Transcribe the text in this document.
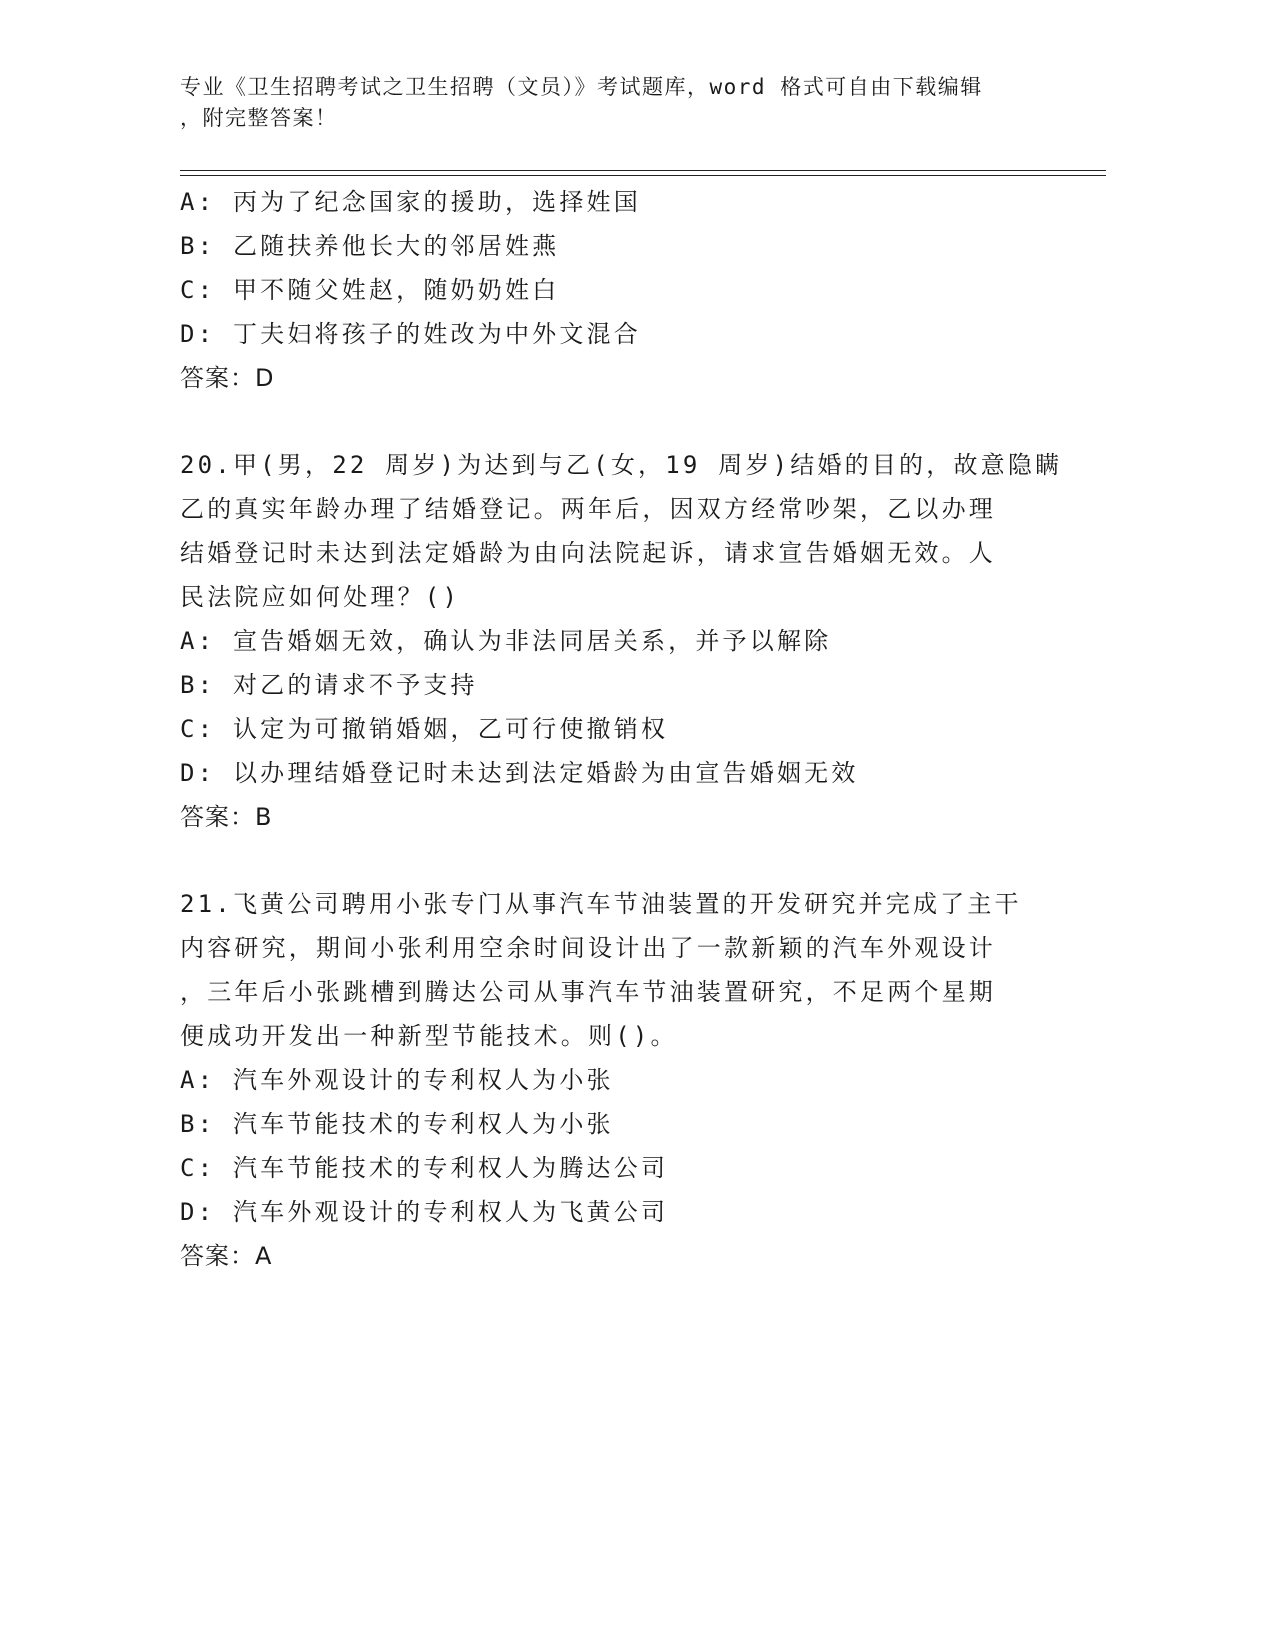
专业《卫生招聘考试之卫生招聘（文员）》考试题库，word 格式可自由下载编辑
，附完整答案！
A: 丙为了纪念国家的援助，选择姓国
B: 乙随扶养他长大的邻居姓燕
C: 甲不随父姓赵，随奶奶姓白
D: 丁夫妇将孩子的姓改为中外文混合
答案：D
20.甲(男，22 周岁)为达到与乙(女，19 周岁)结婚的目的，故意隐瞒
乙的真实年龄办理了结婚登记。两年后，因双方经常吵架，乙以办理
结婚登记时未达到法定婚龄为由向法院起诉，请求宣告婚姻无效。人
民法院应如何处理？()
A: 宣告婚姻无效，确认为非法同居关系，并予以解除
B: 对乙的请求不予支持
C: 认定为可撤销婚姻，乙可行使撤销权
D: 以办理结婚登记时未达到法定婚龄为由宣告婚姻无效
答案：B
21.飞黄公司聘用小张专门从事汽车节油装置的开发研究并完成了主干
内容研究，期间小张利用空余时间设计出了一款新颖的汽车外观设计
，三年后小张跳槽到腾达公司从事汽车节油装置研究，不足两个星期
便成功开发出一种新型节能技术。则()。
A: 汽车外观设计的专利权人为小张
B: 汽车节能技术的专利权人为小张
C: 汽车节能技术的专利权人为腾达公司
D: 汽车外观设计的专利权人为飞黄公司
答案：A
